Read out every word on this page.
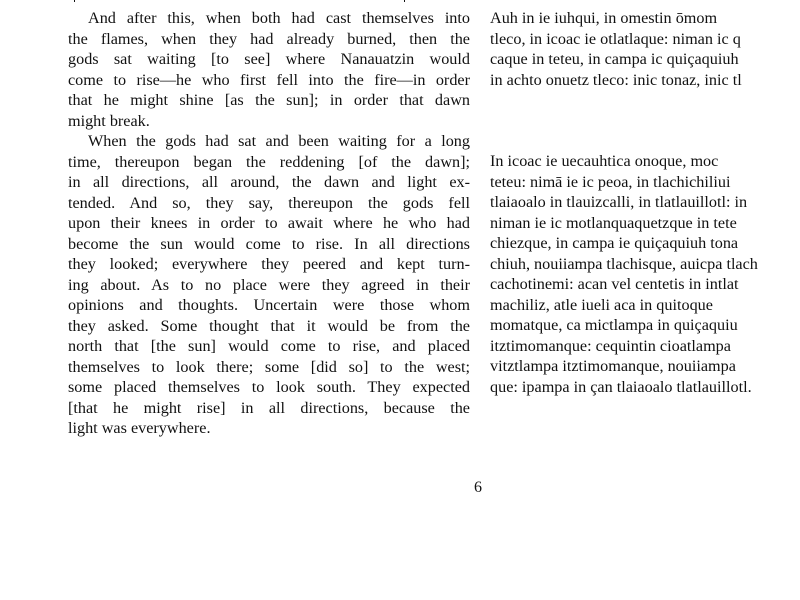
And after this, when both had cast themselves into
the flames, when they had already burned, then the
gods sat waiting [to see] where Nanauatzin would
come to rise—he who first fell into the fire—in order
that he might shine [as the sun]; in order that dawn
might break.
When the gods had sat and been waiting for a long
time, thereupon began the reddening [of the dawn];
in all directions, all around, the dawn and light ex-
tended. And so, they say, thereupon the gods fell
upon their knees in order to await where he who had
become the sun would come to rise. In all directions
they looked; everywhere they peered and kept turn-
ing about. As to no place were they agreed in their
opinions and thoughts. Uncertain were those whom
they asked. Some thought that it would be from the
north that [the sun] would come to rise, and placed
themselves to look there; some [did so] to the west;
some placed themselves to look south. They expected
[that he might rise] in all directions, because the
light was everywhere.
Auh in ie iuhqui, in omestin ōmom
tleco, in icoac ie otlatlaque: niman ic q
caque in teteu, in campa ic quiçaquiuh
in achto onuetz tleco: inic tonaz, inic tl
In icoac ie uecauhtica onoque, moc
teteu: nimā ie ic peoa, in tlachichiliui
tlaiaoalo in tlauizcalli, in tlatlauillotl: in
niman ie ic motlanquaquetzque in tete
chiezque, in campa ie quiçaquiuh tona
chiuh, nouiiampa tlachisque, auicpa tlach
cachotinemi: acan vel centetis in intlat
machiliz, atle iueli aca in quitoque
momatque, ca mictlampa in quiçaquiu
itztimomanque: cequintin cioatlampa
vitztlampa itztimomanque, nouiiampa
que: ipampa in çan tlaiaoalo tlatlauillotl.
6
